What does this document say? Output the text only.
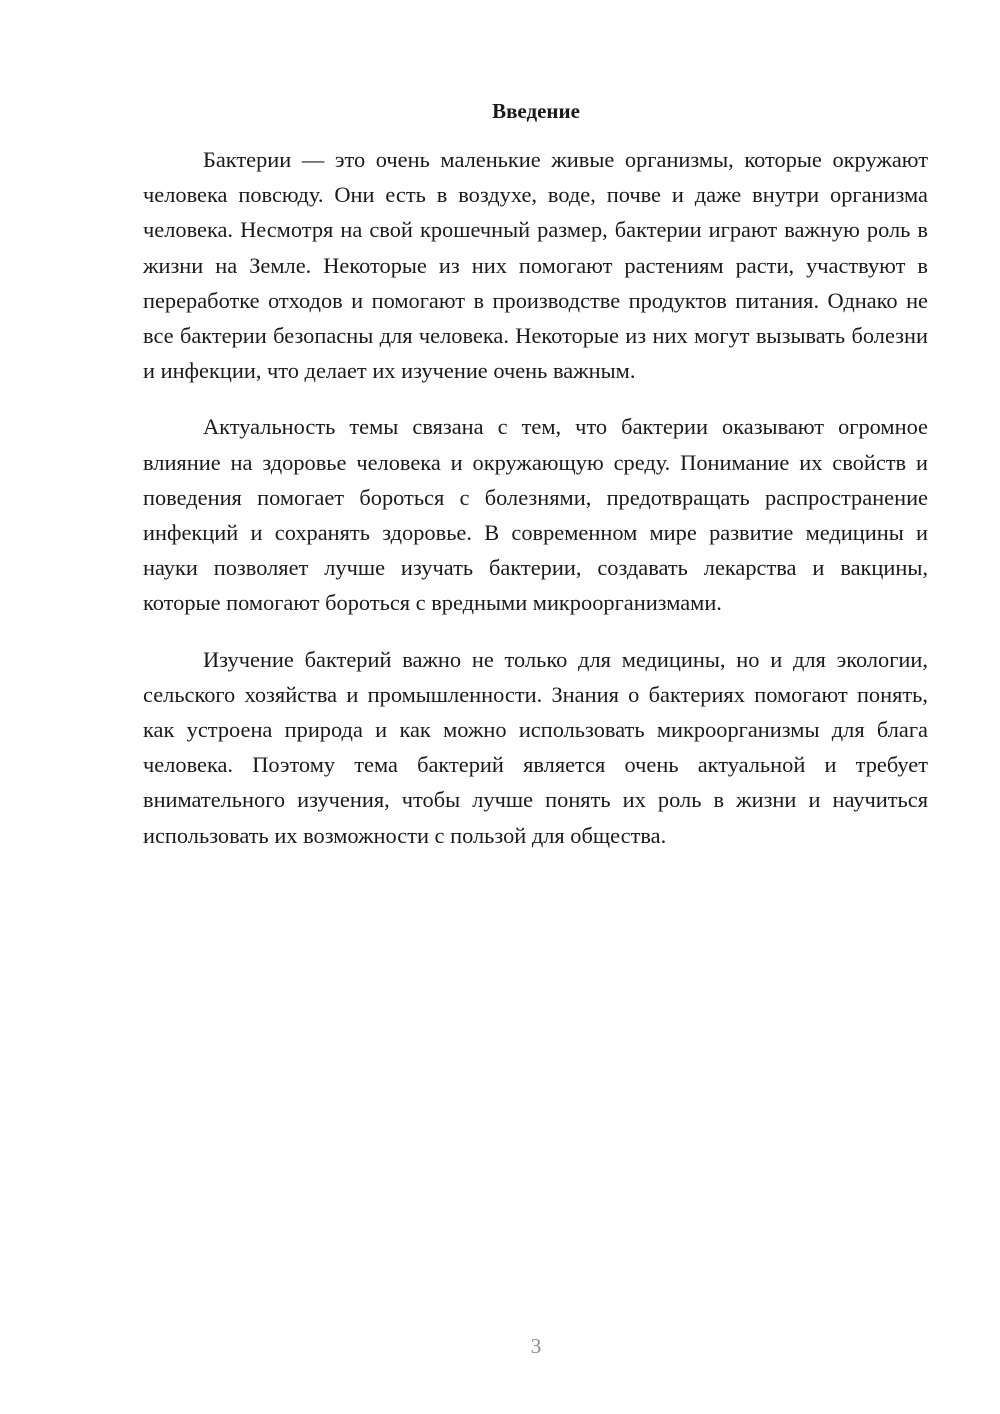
Введение

Бактерии — это очень маленькие живые организмы, которые окружают человека повсюду. Они есть в воздухе, воде, почве и даже внутри организма человека. Несмотря на свой крошечный размер, бактерии играют важную роль в жизни на Земле. Некоторые из них помогают растениям расти, участвуют в переработке отходов и помогают в производстве продуктов питания. Однако не все бактерии безопасны для человека. Некоторые из них могут вызывать болезни и инфекции, что делает их изучение очень важным.

Актуальность темы связана с тем, что бактерии оказывают огромное влияние на здоровье человека и окружающую среду. Понимание их свойств и поведения помогает бороться с болезнями, предотвращать распространение инфекций и сохранять здоровье. В современном мире развитие медицины и науки позволяет лучше изучать бактерии, создавать лекарства и вакцины, которые помогают бороться с вредными микроорганизмами.

Изучение бактерий важно не только для медицины, но и для экологии, сельского хозяйства и промышленности. Знания о бактериях помогают понять, как устроена природа и как можно использовать микроорганизмы для блага человека. Поэтому тема бактерий является очень актуальной и требует внимательного изучения, чтобы лучше понять их роль в жизни и научиться использовать их возможности с пользой для общества.

3
